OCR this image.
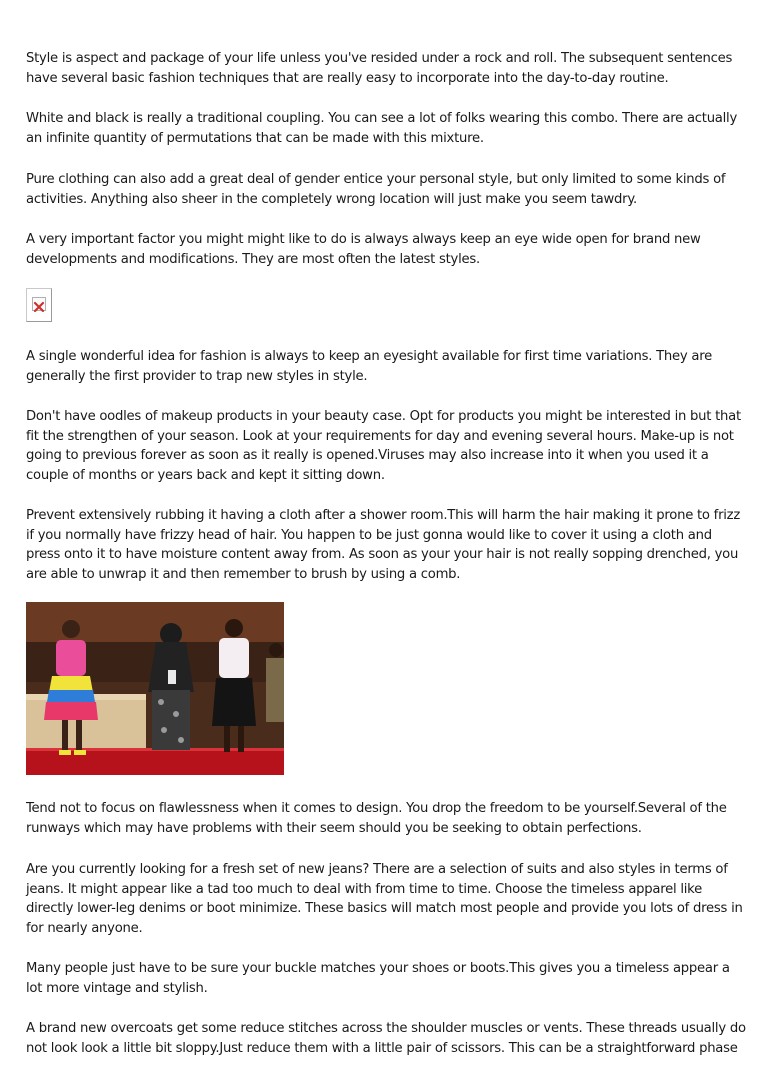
Style is aspect and package of your life unless you've resided under a rock and roll. The subsequent sentences have several basic fashion techniques that are really easy to incorporate into the day-to-day routine.

White and black is really a traditional coupling. You can see a lot of folks wearing this combo. There are actually an infinite quantity of permutations that can be made with this mixture.

Pure clothing can also add a great deal of gender entice your personal style, but only limited to some kinds of activities. Anything also sheer in the completely wrong location will just make you seem tawdry.

A very important factor you might might like to do is always always keep an eye wide open for brand new developments and modifications. They are most often the latest styles.

A single wonderful idea for fashion is always to keep an eyesight available for first time variations. They are generally the first provider to trap new styles in style.

Don't have oodles of makeup products in your beauty case. Opt for products you might be interested in but that fit the strengthen of your season. Look at your requirements for day and evening several hours. Make-up is not going to previous forever as soon as it really is opened.Viruses may also increase into it when you used it a couple of months or years back and kept it sitting down.

Prevent extensively rubbing it having a cloth after a shower room.This will harm the hair making it prone to frizz if you normally have frizzy head of hair. You happen to be just gonna would like to cover it using a cloth and press onto it to have moisture content away from. As soon as your your hair is not really sopping drenched, you are able to unwrap it and then remember to brush by using a comb.

Tend not to focus on flawlessness when it comes to design. You drop the freedom to be yourself.Several of the runways which may have problems with their seem should you be seeking to obtain perfections.

Are you currently looking for a fresh set of new jeans? There are a selection of suits and also styles in terms of jeans. It might appear like a tad too much to deal with from time to time. Choose the timeless apparel like directly lower-leg denims or boot minimize. These basics will match most people and provide you lots of dress in for nearly anyone.

Many people just have to be sure your buckle matches your shoes or boots.This gives you a timeless appear a lot more vintage and stylish.

A brand new overcoats get some reduce stitches across the shoulder muscles or vents. These threads usually do not look look a little bit sloppy.Just reduce them with a little pair of scissors. This can be a straightforward phase
